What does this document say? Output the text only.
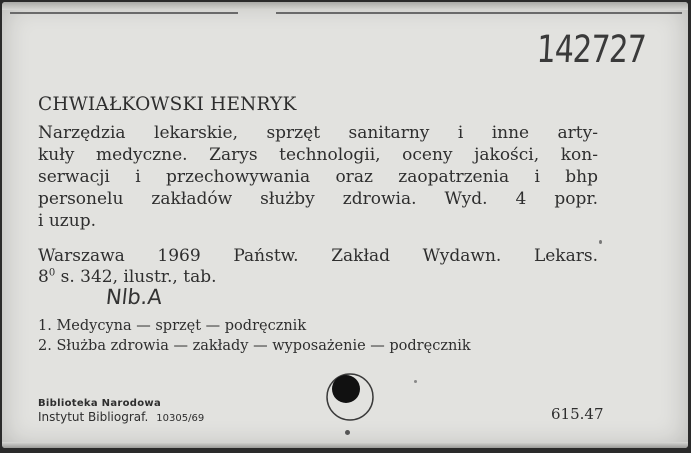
142727
CHWIAŁKOWSKI HENRYK
Narzędzia lekarskie, sprzęt sanitarny i inne arty-
kuły medyczne. Zarys technologii, oceny jakości, kon-
serwacji i przechowywania oraz zaopatrzenia i bhp
personelu zakładów służby zdrowia. Wyd. 4 popr.
i uzup.
Warszawa 1969 Państw. Zakład Wydawn. Lekars.
$8^0$ s. 342, ilustr., tab.
Nlb.A
1. Medycyna — sprzęt — podręcznik
2. Służba zdrowia — zakłady — wyposażenie — podręcznik
Biblioteka Narodowa
Instytut Bibliograf. 10305/69	615.47
